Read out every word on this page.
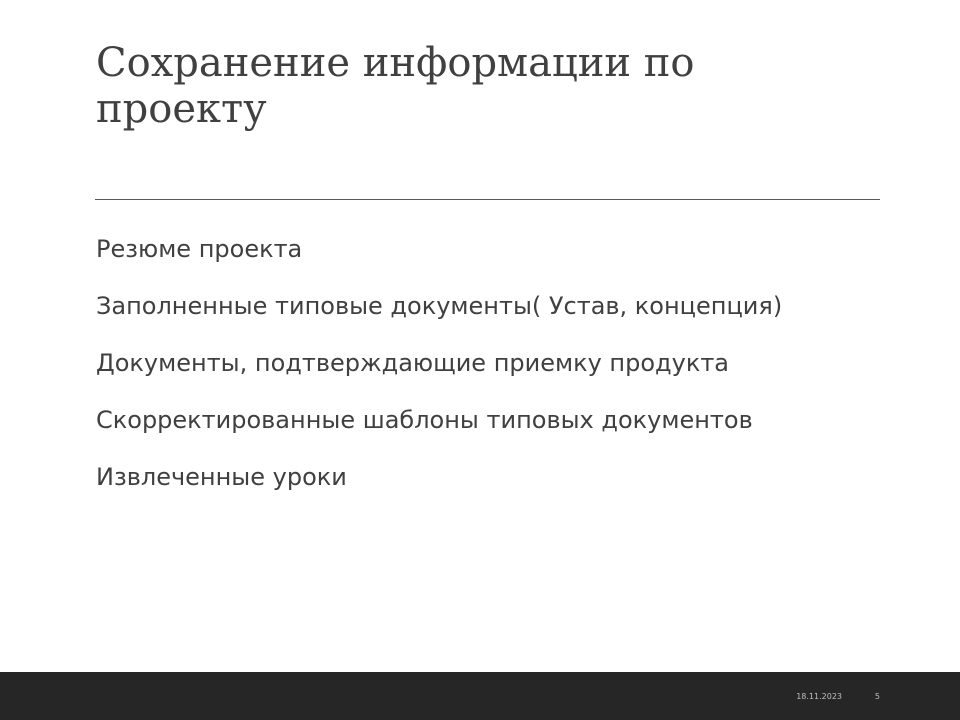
Сохранение информации по проекту
Резюме проекта
Заполненные типовые документы( Устав, концепция)
Документы, подтверждающие приемку продукта
Скорректированные шаблоны типовых документов
Извлеченные уроки
18.11.2023	5
